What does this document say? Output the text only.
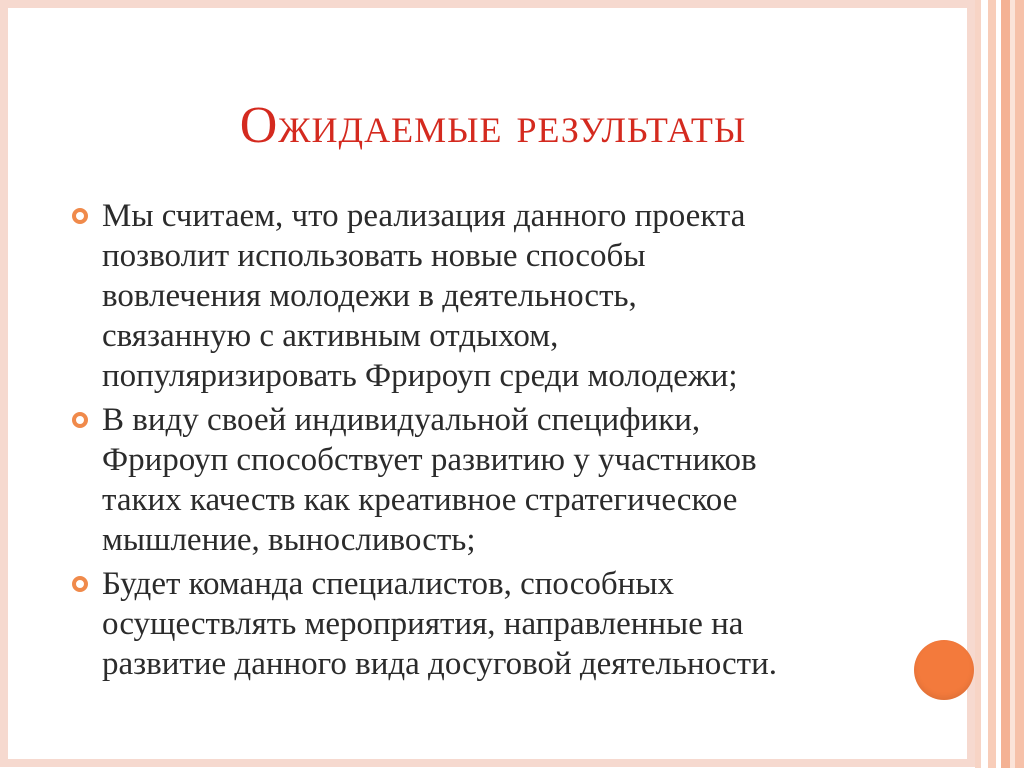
Ожидаемые результаты
Мы считаем, что реализация данного проекта
позволит использовать новые способы
вовлечения молодежи в деятельность,
связанную с активным отдыхом,
популяризировать Фрироуп среди молодежи;
В виду своей индивидуальной специфики,
Фрироуп способствует развитию у участников
таких качеств как креативное стратегическое
мышление, выносливость;
Будет команда специалистов, способных
осуществлять мероприятия, направленные на
развитие данного вида досуговой деятельности.
